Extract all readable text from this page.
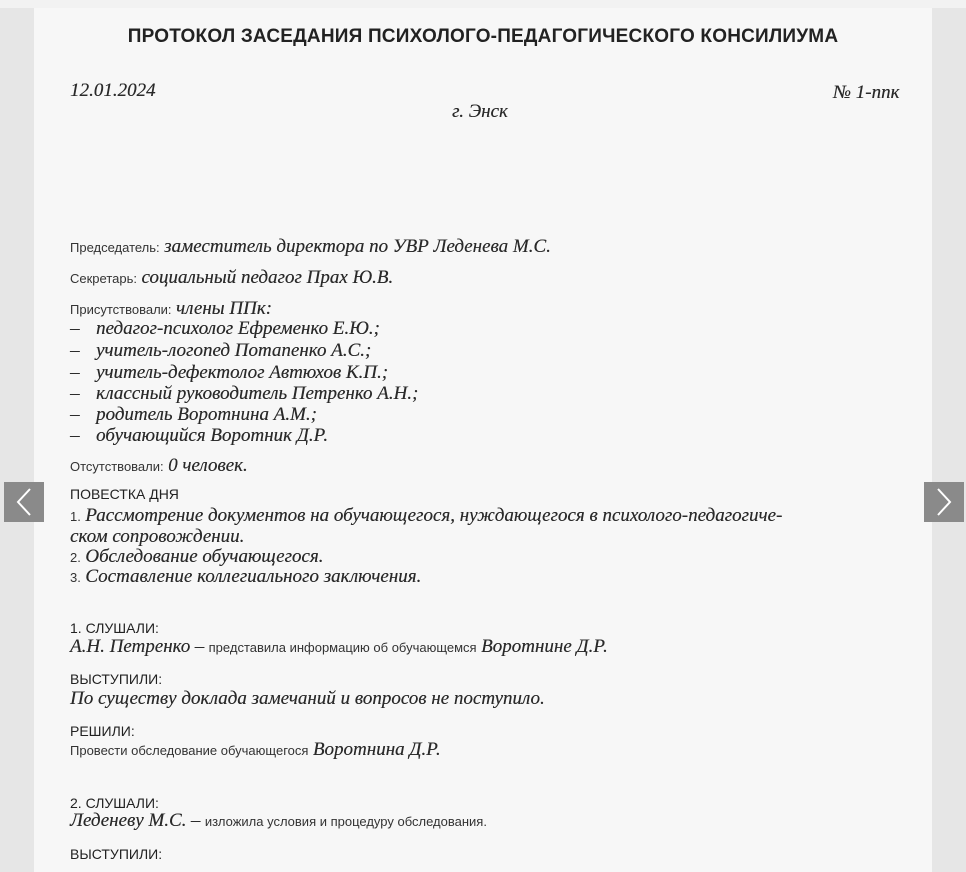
ПРОТОКОЛ ЗАСЕДАНИЯ ПСИХОЛОГО-ПЕДАГОГИЧЕСКОГО КОНСИЛИУМА
12.01.2024
г. Энск
№ 1-ппк
Председатель: заместитель директора по УВР Леденева М.С.
Секретарь: социальный педагог Прах Ю.В.
Присутствовали: члены ППк:
– педагог-психолог Ефременко Е.Ю.;
– учитель-логопед Потапенко А.С.;
– учитель-дефектолог Автюхов К.П.;
– классный руководитель Петренко А.Н.;
– родитель Воротнина А.М.;
– обучающийся Воротник Д.Р.
Отсутствовали: 0 человек.
ПОВЕСТКА ДНЯ
1. Рассмотрение документов на обучающегося, нуждающегося в психолого-педагогиче-
ском сопровождении.
2. Обследование обучающегося.
3. Составление коллегиального заключения.
1. СЛУШАЛИ:
А.Н. Петренко – представила информацию об обучающемся Воротнине Д.Р.
ВЫСТУПИЛИ:
По существу доклада замечаний и вопросов не поступило.
РЕШИЛИ:
Провести обследование обучающегося Воротнина Д.Р.
2. СЛУШАЛИ:
Леденеву М.С. – изложила условия и процедуру обследования.
ВЫСТУПИЛИ:
